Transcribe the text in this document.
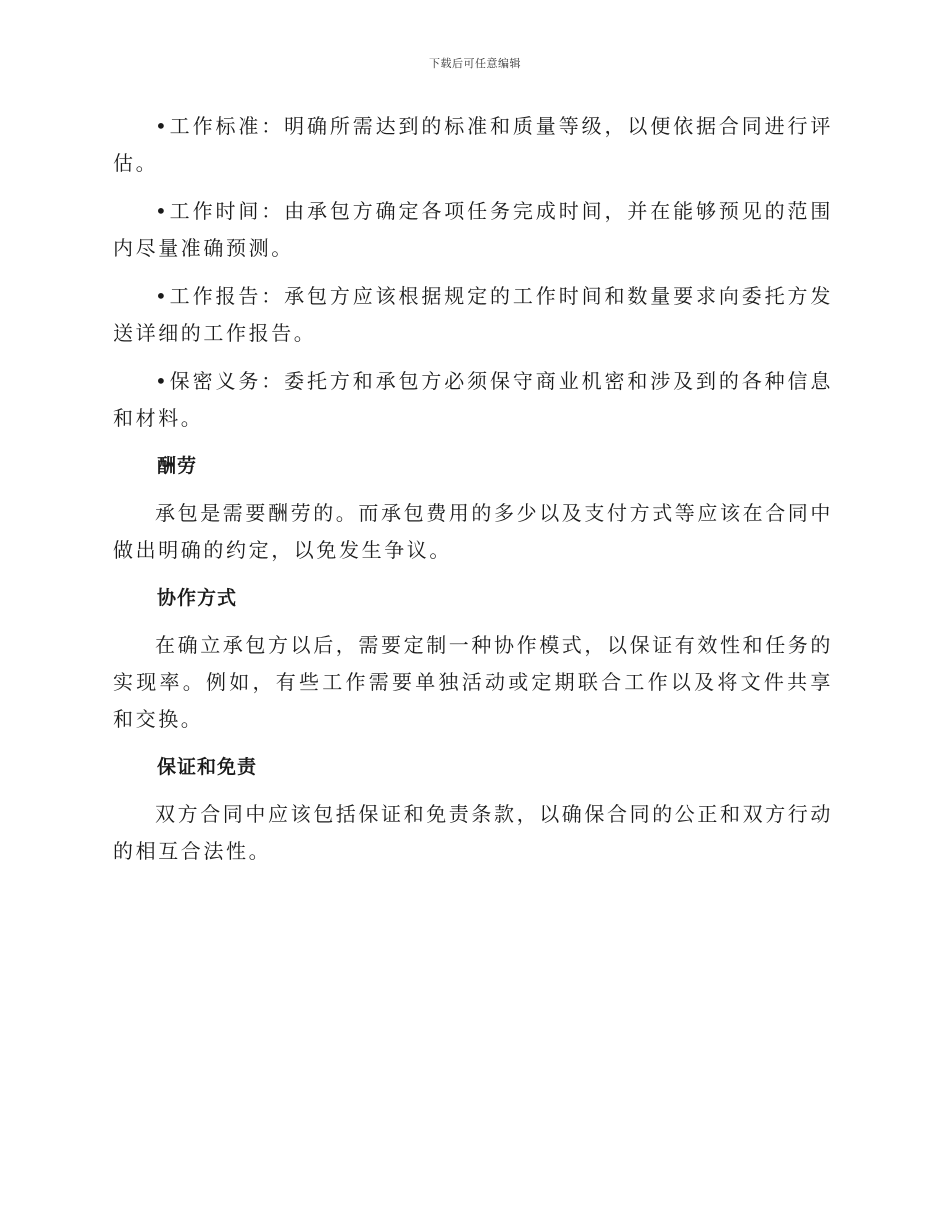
下载后可任意编辑

•工作标准：明确所需达到的标准和质量等级，以便依据合同进行评估。

•工作时间：由承包方确定各项任务完成时间，并在能够预见的范围内尽量准确预测。

•工作报告：承包方应该根据规定的工作时间和数量要求向委托方发送详细的工作报告。

•保密义务：委托方和承包方必须保守商业机密和涉及到的各种信息和材料。

酬劳

承包是需要酬劳的。而承包费用的多少以及支付方式等应该在合同中做出明确的约定，以免发生争议。

协作方式

在确立承包方以后，需要定制一种协作模式，以保证有效性和任务的实现率。例如，有些工作需要单独活动或定期联合工作以及将文件共享和交换。

保证和免责

双方合同中应该包括保证和免责条款，以确保合同的公正和双方行动的相互合法性。
